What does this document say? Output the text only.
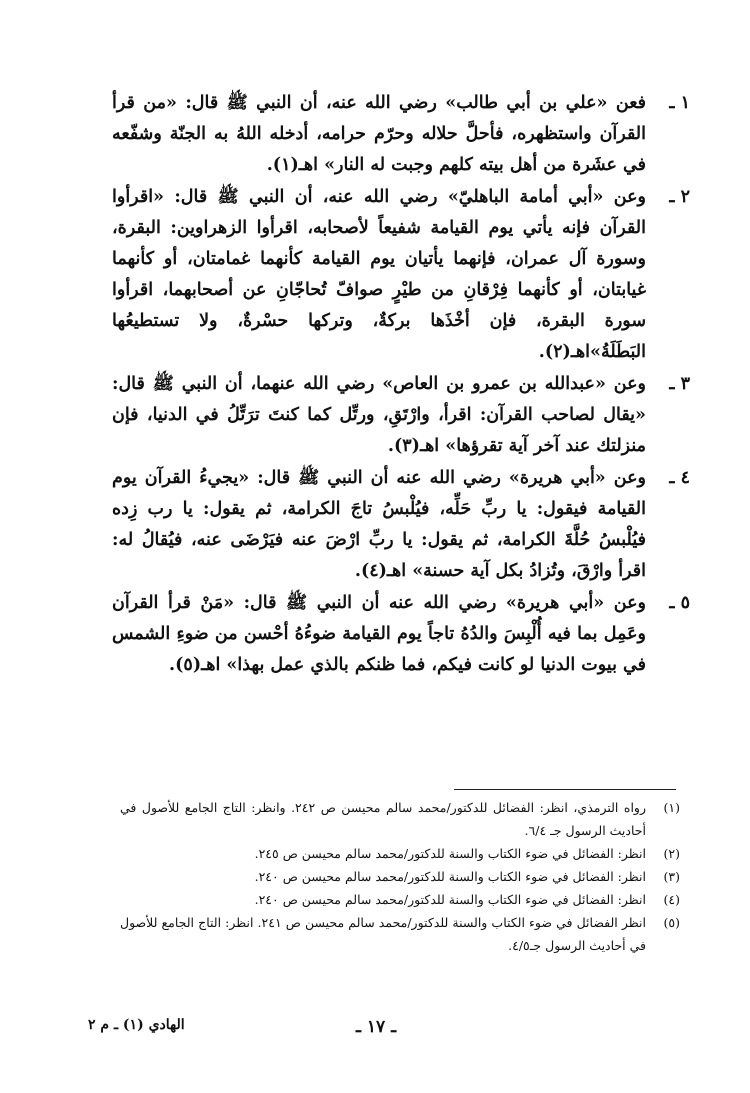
١ ـ
فعن «علي بن أبي طالب» رضي الله عنه، أن النبي ﷺ قال: «من قرأ القرآن واستظهره، فأحلَّ حلاله وحرّم حرامه، أدخله اللهُ به الجنّة وشفّعه في عشَرة من أهل بيته كلهم وجبت له النار» اهـ(١).
٢ ـ
وعن «أبي أمامة الباهليّ» رضي الله عنه، أن النبي ﷺ قال: «اقرأوا القرآن فإنه يأتي يوم القيامة شفيعاً لأصحابه، اقرأوا الزهراوين: البقرة، وسورة آل عمران، فإنهما يأتيان يوم القيامة كأنهما غمامتان، أو كأنهما غيابتان، أو كأنهما فِرْقانِ من طيْرٍ صوافّ تُحاجّانِ عن أصحابهما، اقرأوا سورة البقرة، فإن أخْذَها بركةٌ، وتركها حسْرةٌ، ولا تستطيعُها البَطَلَةُ»اهـ(٢).
٣ ـ
وعن «عبدالله بن عمرو بن العاص» رضي الله عنهما، أن النبي ﷺ قال: «يقال لصاحب القرآن: اقرأ، وارْتَقِ، ورتِّل كما كنتَ ترَتِّلُ في الدنيا، فإن منزلتك عند آخر آية تقرؤها» اهـ(٣).
٤ ـ
وعن «أبي هريرة» رضي الله عنه أن النبي ﷺ قال: «يجيءُ القرآن يوم القيامة فيقول: يا ربِّ حَلِّه، فيُلْبسُ تاجَ الكرامة، ثم يقول: يا رب زِده فيُلْبسُ حُلَّةَ الكرامة، ثم يقول: يا ربِّ ارْضَ عنه فيَرْضَى عنه، فيُقالُ له: اقرأ وارْقَ، وتُزادُ بكل آية حسنة» اهـ(٤).
٥ ـ
وعن «أبي هريرة» رضي الله عنه أن النبي ﷺ قال: «مَنْ قرأ القرآن وعَمِل بما فيه أُلْبِسَ والدُهُ تاجاً يوم القيامة ضوءُهُ أحْسن من ضوءِ الشمس في بيوت الدنيا لو كانت فيكم، فما ظنكم بالذي عمل بهذا» اهـ(٥).
(١)
رواه الترمذي، انظر: الفضائل للدكتور/محمد سالم محيسن ص ٢٤٢. وانظر: التاج الجامع للأصول في أحاديث الرسول جـ ٦/٤.
(٢)
انظر: الفضائل في ضوء الكتاب والسنة للدكتور/محمد سالم محيسن ص ٢٤٥.
(٣)
انظر: الفضائل في ضوء الكتاب والسنة للدكتور/محمد سالم محيسن ص ٢٤٠.
(٤)
انظر: الفضائل في ضوء الكتاب والسنة للدكتور/محمد سالم محيسن ص ٢٤٠.
(٥)
انظر الفضائل في ضوء الكتاب والسنة للدكتور/محمد سالم محيسن ص ٢٤١. انظر: التاج الجامع للأصول في أحاديث الرسول جـ٤/٥.
ـ ١٧ ـ
الهادي (١) ـ م ٢
